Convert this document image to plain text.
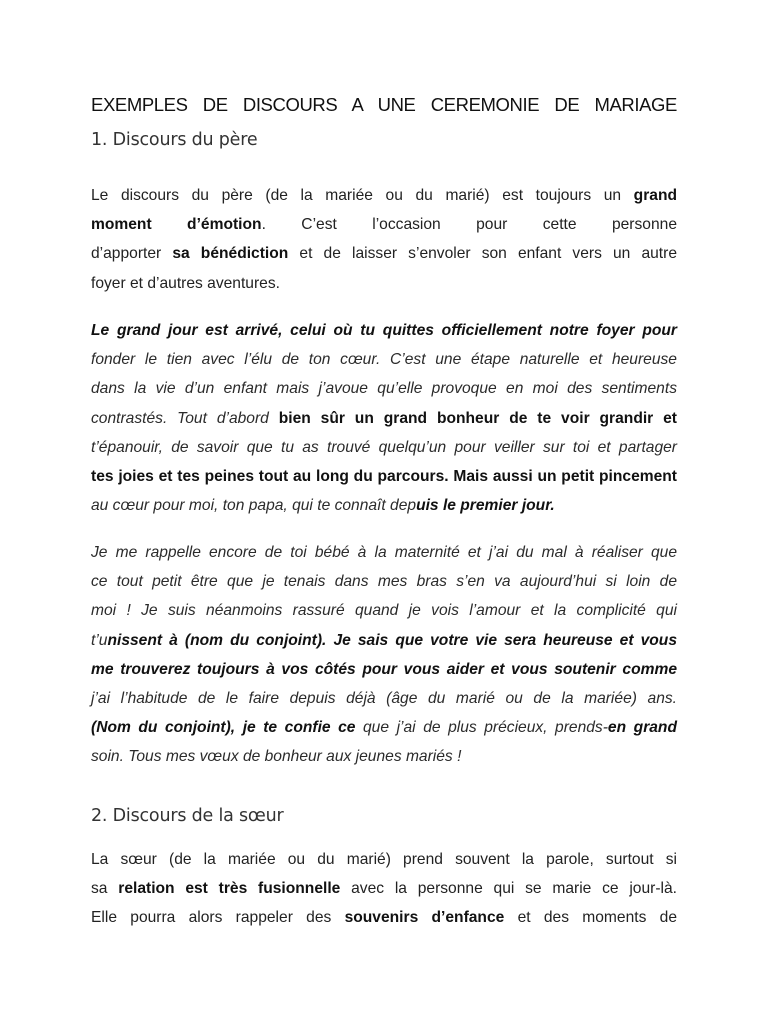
EXEMPLES DE DISCOURS A UNE CEREMONIE DE MARIAGE
1. Discours du père
Le discours du père (de la mariée ou du marié) est toujours un grand
moment d’émotion. C’est l’occasion pour cette personne
d’apporter sa bénédiction et de laisser s’envoler son enfant vers un autre
foyer et d’autres aventures.
Le grand jour est arrivé, celui où tu quittes officiellement notre foyer pour
fonder le tien avec l’élu de ton cœur. C’est une étape naturelle et heureuse
dans la vie d’un enfant mais j’avoue qu’elle provoque en moi des sentiments
contrastés. Tout d’abord bien sûr un grand bonheur de te voir grandir et
t’épanouir, de savoir que tu as trouvé quelqu’un pour veiller sur toi et partager
tes joies et tes peines tout au long du parcours. Mais aussi un petit pincement
au cœur pour moi, ton papa, qui te connaît depuis le premier jour.
Je me rappelle encore de toi bébé à la maternité et j’ai du mal à réaliser que
ce tout petit être que je tenais dans mes bras s’en va aujourd’hui si loin de
moi ! Je suis néanmoins rassuré quand je vois l’amour et la complicité qui
t’unissent à (nom du conjoint). Je sais que votre vie sera heureuse et vous
me trouverez toujours à vos côtés pour vous aider et vous soutenir comme
j’ai l’habitude de le faire depuis déjà (âge du marié ou de la mariée) ans.
(Nom du conjoint), je te confie ce que j’ai de plus précieux, prends-en grand
soin. Tous mes vœux de bonheur aux jeunes mariés !
2. Discours de la sœur
La sœur (de la mariée ou du marié) prend souvent la parole, surtout si
sa relation est très fusionnelle avec la personne qui se marie ce jour-là.
Elle pourra alors rappeler des souvenirs d’enfance et des moments de
